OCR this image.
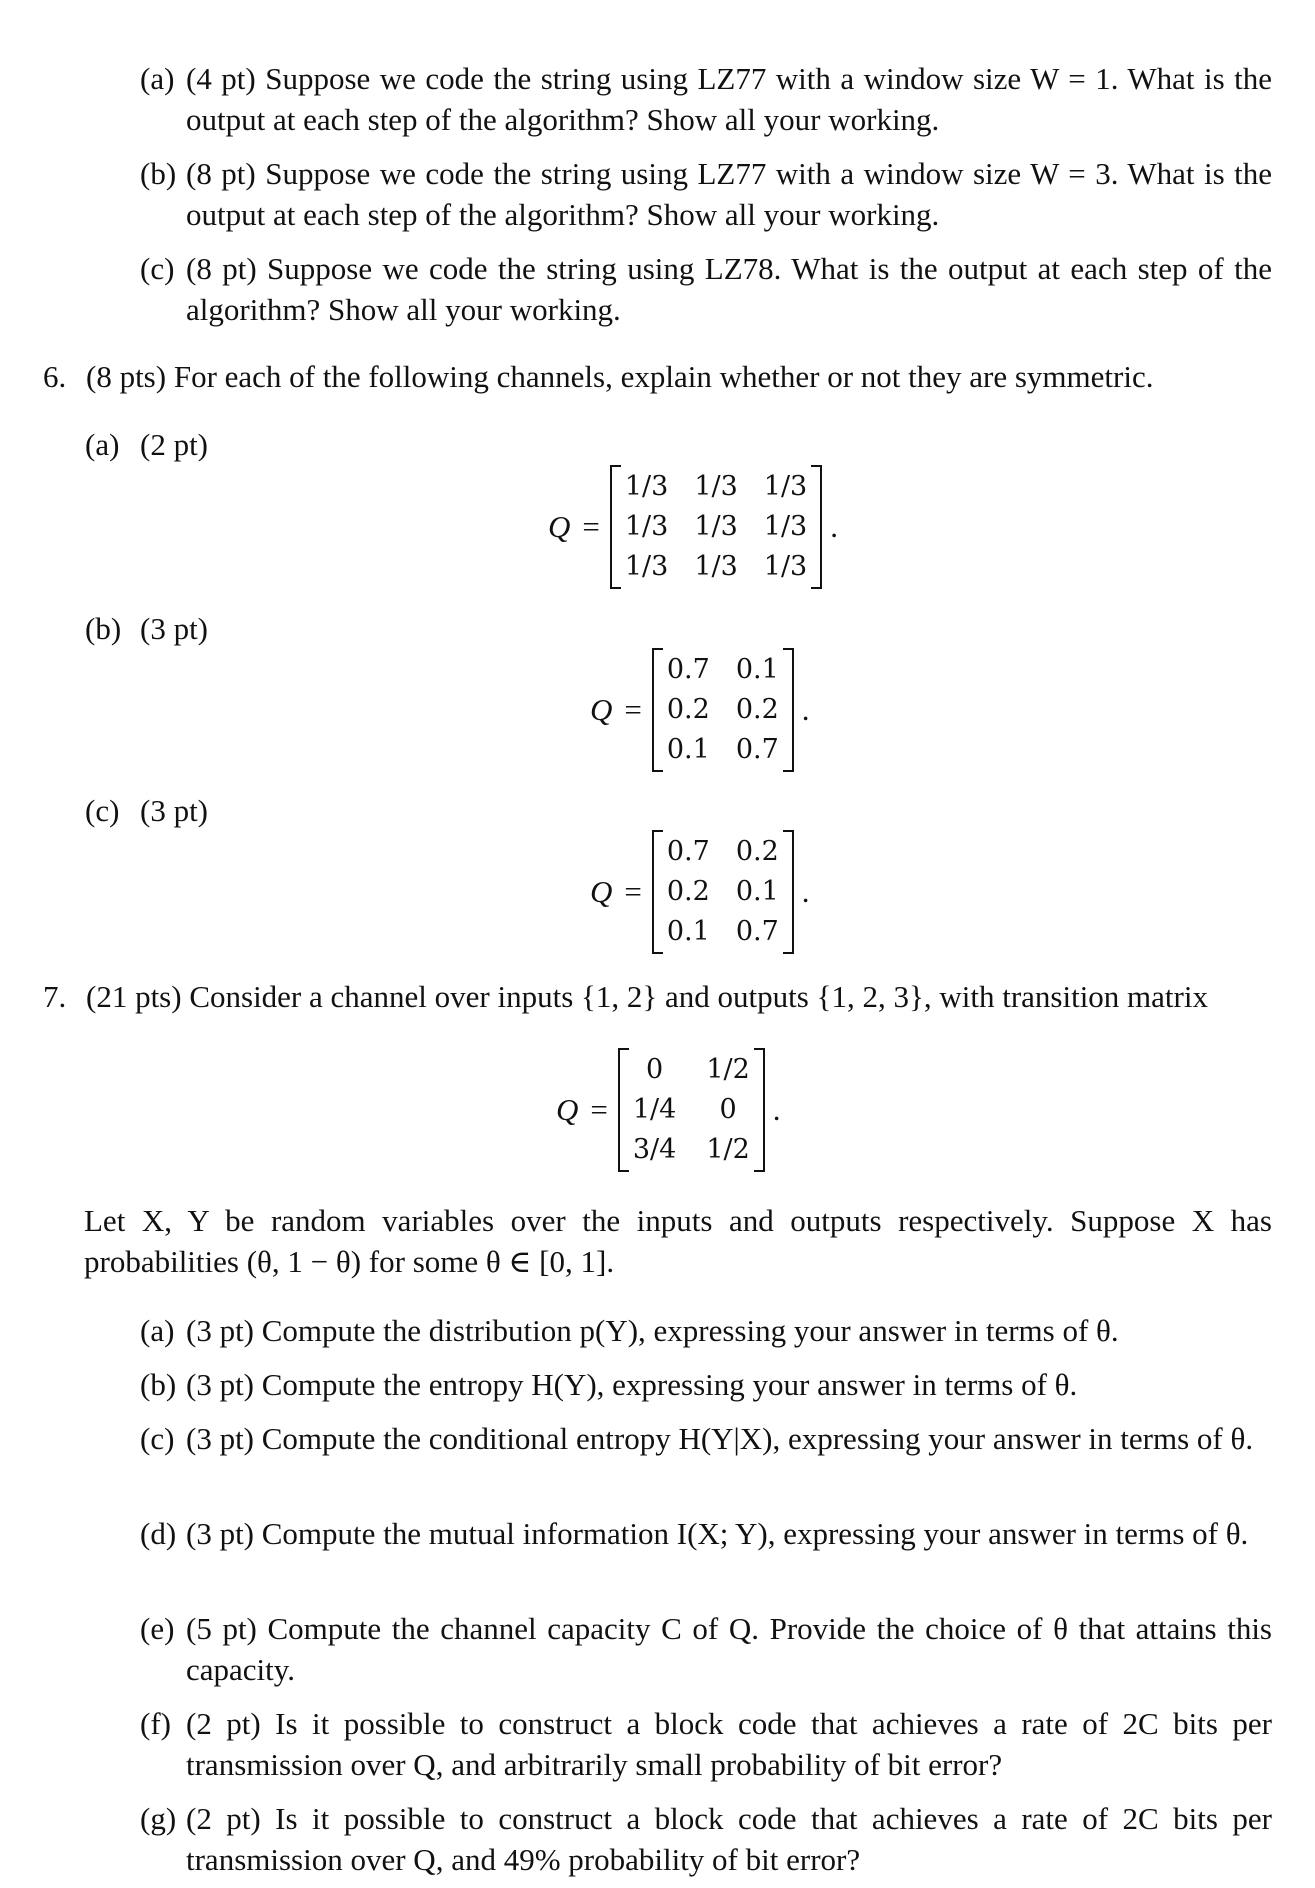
(a) (4 pt) Suppose we code the string using LZ77 with a window size W = 1. What is the output at each step of the algorithm? Show all your working.
(b) (8 pt) Suppose we code the string using LZ77 with a window size W = 3. What is the output at each step of the algorithm? Show all your working.
(c) (8 pt) Suppose we code the string using LZ78. What is the output at each step of the algorithm? Show all your working.
6. (8 pts) For each of the following channels, explain whether or not they are symmetric.
(a) (2 pt)
Q =
1/3 1/3 1/3
1/3 1/3 1/3
1/3 1/3 1/3
.
(b) (3 pt)
Q =
0.7 0.1
0.2 0.2
0.1 0.7
.
(c) (3 pt)
Q =
0.7 0.2
0.2 0.1
0.1 0.7
.
7. (21 pts) Consider a channel over inputs {1, 2} and outputs {1, 2, 3}, with transition matrix
Q =
0	1/2
1/4	0
3/4 1/2
.
Let X, Y be random variables over the inputs and outputs respectively. Suppose X has probabilities (θ, 1 − θ) for some θ ∈ [0, 1].
(a) (3 pt) Compute the distribution p(Y), expressing your answer in terms of θ.
(b) (3 pt) Compute the entropy H(Y), expressing your answer in terms of θ.
(c) (3 pt) Compute the conditional entropy H(Y|X), expressing your answer in terms of θ.
(d) (3 pt) Compute the mutual information I(X; Y), expressing your answer in terms of θ.
(e) (5 pt) Compute the channel capacity C of Q. Provide the choice of θ that attains this capacity.
(f) (2 pt) Is it possible to construct a block code that achieves a rate of 2C bits per transmission over Q, and arbitrarily small probability of bit error?
(g) (2 pt) Is it possible to construct a block code that achieves a rate of 2C bits per transmission over Q, and 49% probability of bit error?
